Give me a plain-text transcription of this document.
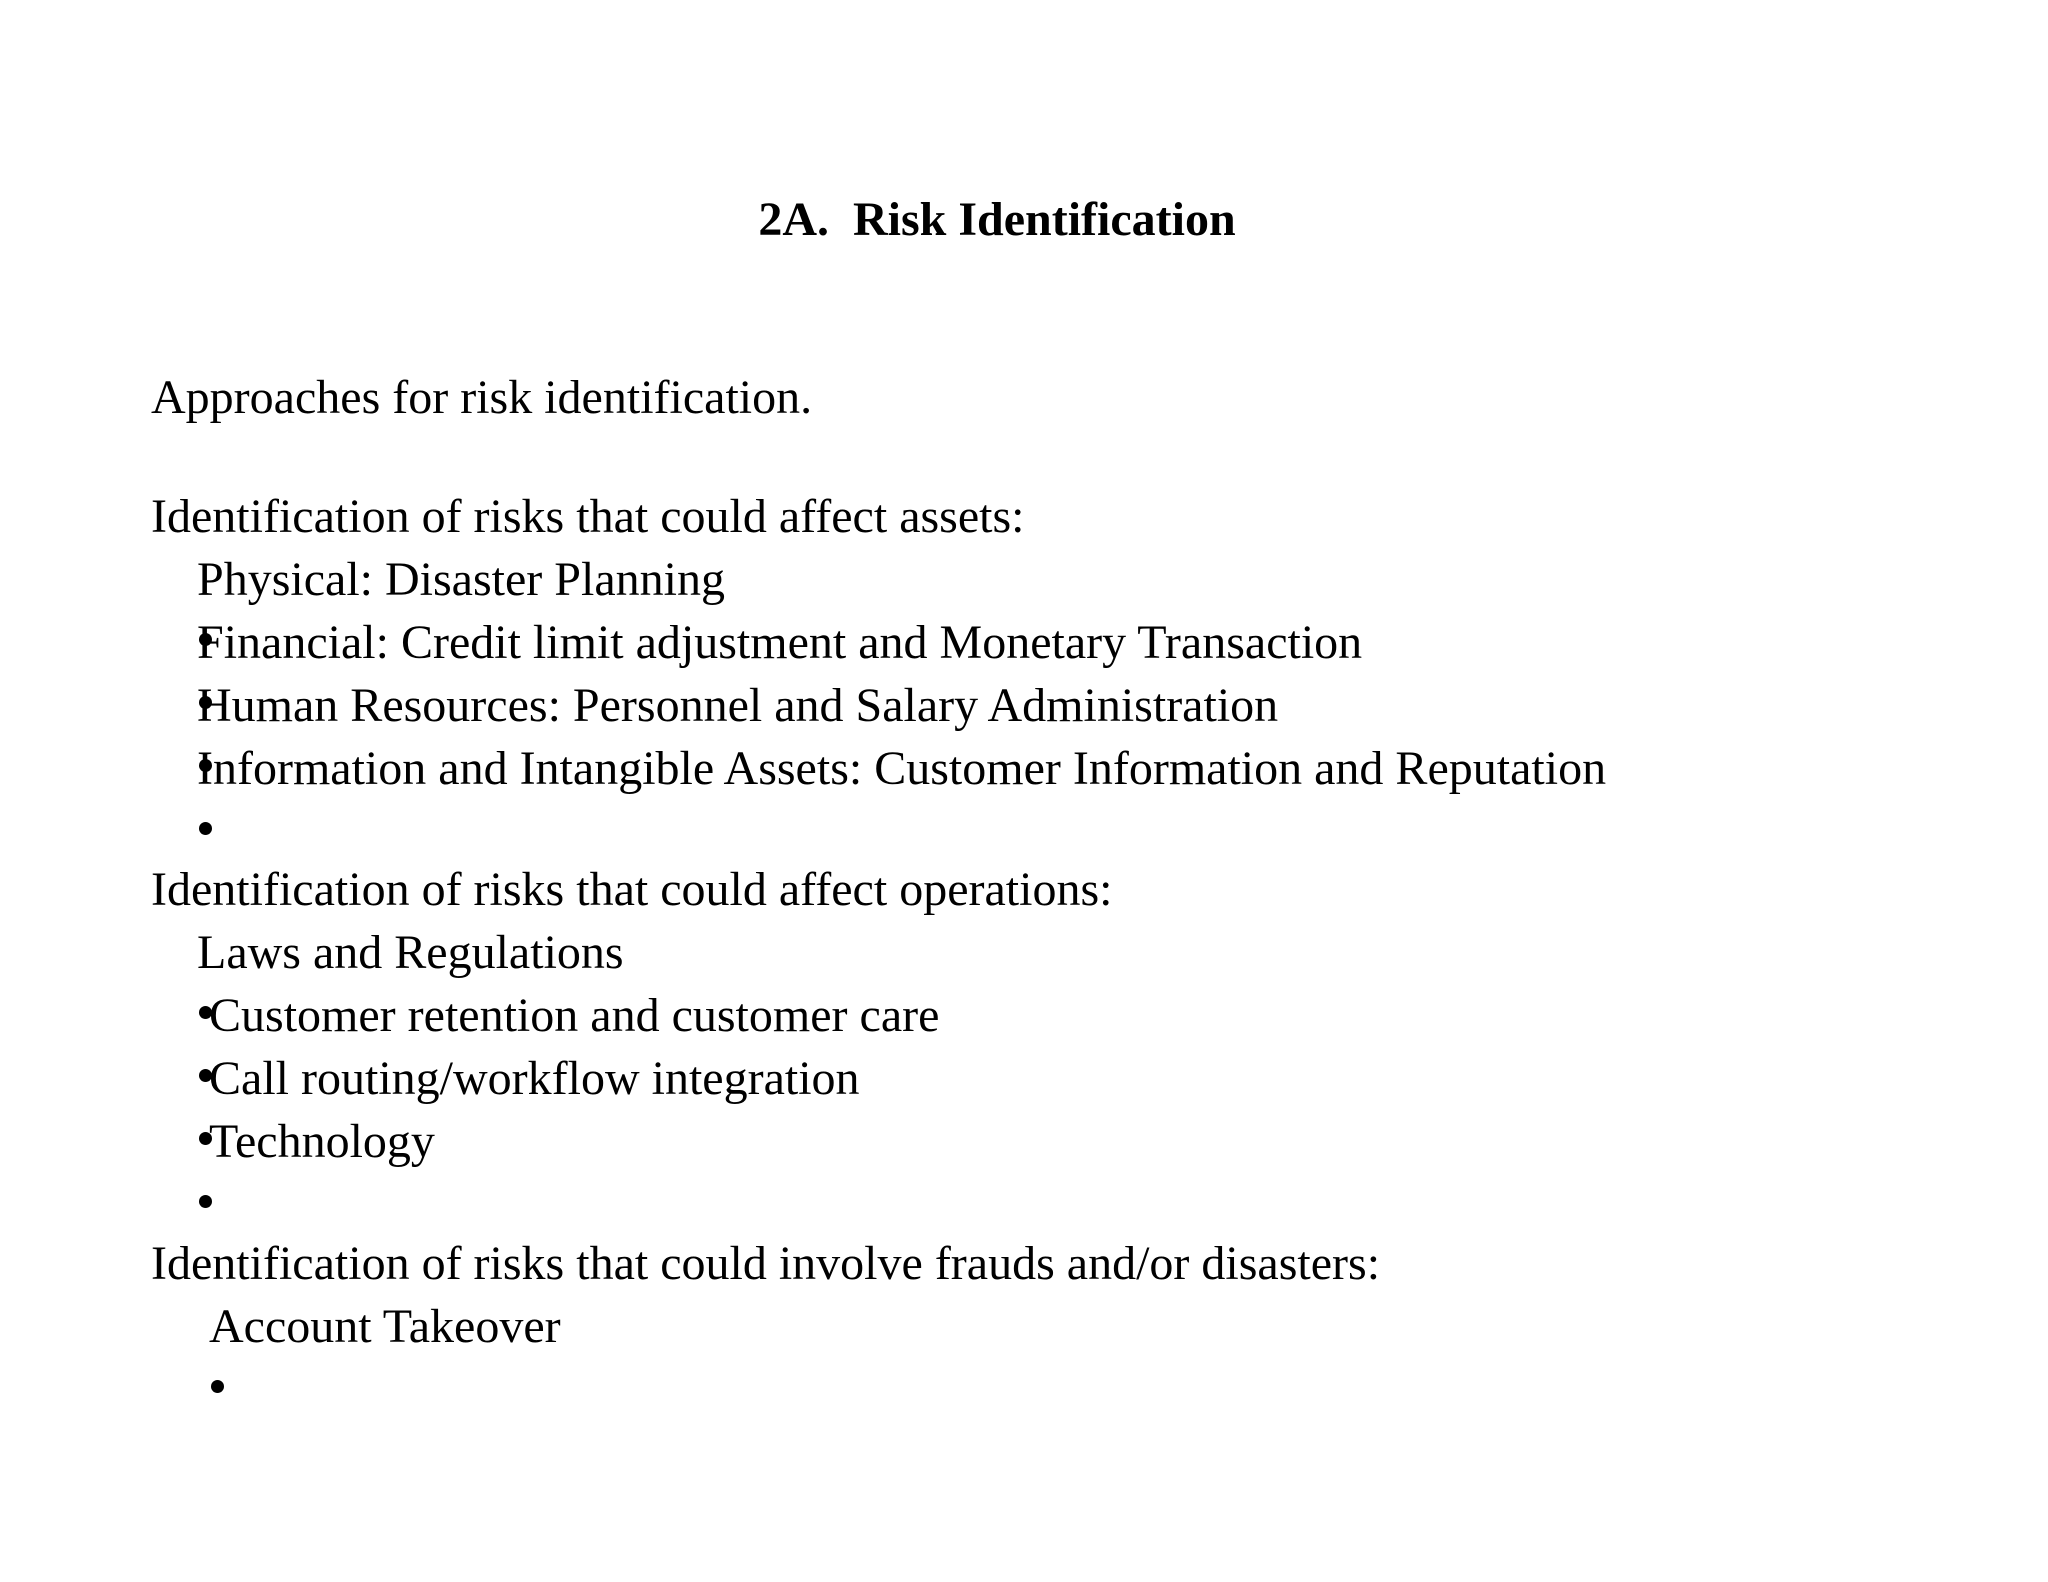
2A.  Risk Identification
Approaches for risk identification.
Identification of risks that could affect assets:

Physical: Disaster Planning

Financial: Credit limit adjustment and Monetary Transaction

Human Resources: Personnel and Salary Administration

Information and Intangible Assets: Customer Information and Reputation

Identification of risks that could affect operations:

Laws and Regulations

Customer retention and customer care

Call routing/workflow integration

Technology

Identification of risks that could involve frauds and/or disasters:

Account Takeover
